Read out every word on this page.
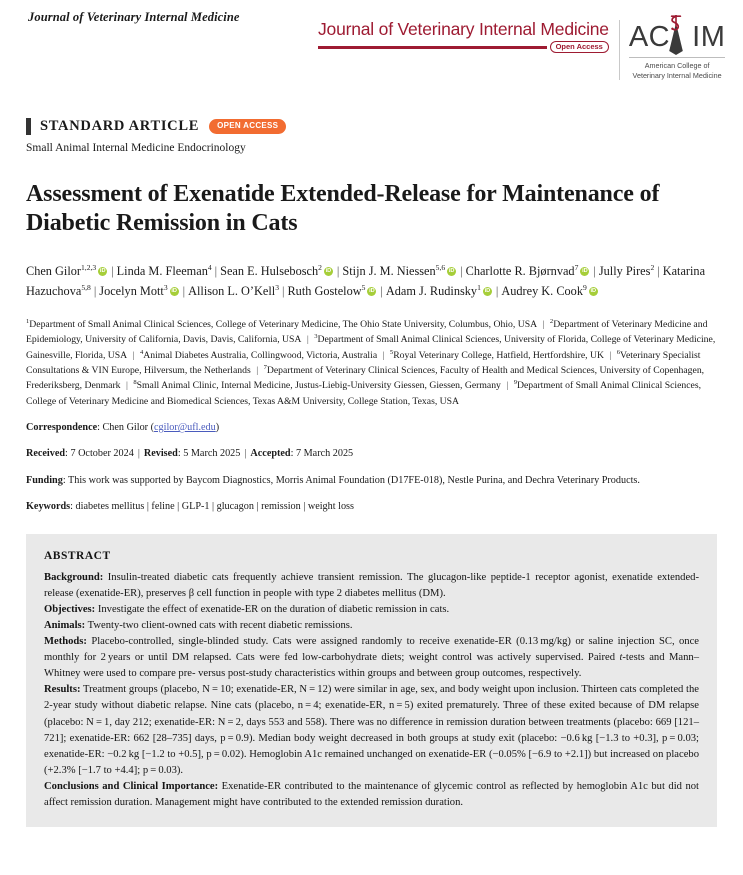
Journal of Veterinary Internal Medicine
Journal of Veterinary Internal Medicine
Open Access AC IM
American College of
Veterinary Internal Medicine
STANDARD ARTICLE	OPEN ACCESS
Small Animal Internal Medicine Endocrinology
Assessment of Exenatide Extended-Release for Maintenance of Diabetic Remission in Cats
Chen Gilor$^{1,2,3}$ iD | Linda M. Fleeman$^4$ | Sean E. Hulsebosch$^2$ iD | Stijn J. M. Niessen$^{5,6}$ iD | Charlotte R. Bjørnvad$^7$ iD | Jully Pires$^2$ | Katarina Hazuchova$^{5,8}$ | Jocelyn Mott$^3$ iD | Allison L. O’Kell$^3$ | Ruth Gostelow$^5$ iD | Adam J. Rudinsky$^1$ iD | Audrey K. Cook$^9$iD
$^1$Department of Small Animal Clinical Sciences, College of Veterinary Medicine, The Ohio State University, Columbus, Ohio, USA | $^2$Department of Veterinary Medicine and Epidemiology, University of California, Davis, Davis, California, USA | $^3$Department of Small Animal Clinical Sciences, University of Florida, College of Veterinary Medicine, Gainesville, Florida, USA | $^4$Animal Diabetes Australia, Collingwood, Victoria, Australia | $^5$Royal Veterinary College, Hatfield, Hertfordshire, UK | $^6$Veterinary Specialist Consultations & VIN Europe, Hilversum, the Netherlands | $^7$Department of Veterinary Clinical Sciences, Faculty of Health and Medical Sciences, University of Copenhagen, Frederiksberg, Denmark | $^8$Small Animal Clinic, Internal Medicine, Justus-Liebig-University Giessen, Giessen, Germany | $^9$Department of Small Animal Clinical Sciences, College of Veterinary Medicine and Biomedical Sciences, Texas A&M University, College Station, Texas, USA
Correspondence: Chen Gilor (cgilor@ufl.edu)
Received: 7 October 2024 | Revised: 5 March 2025 | Accepted: 7 March 2025
Funding: This work was supported by Baycom Diagnostics, Morris Animal Foundation (D17FE-018), Nestle Purina, and Dechra Veterinary Products.
Keywords: diabetes mellitus | feline | GLP-1 | glucagon | remission | weight loss
ABSTRACT

Background: Insulin-treated diabetic cats frequently achieve transient remission. The glucagon-like peptide-1 receptor agonist, exenatide extended-release (exenatide-ER), preserves β cell function in people with type 2 diabetes mellitus (DM).

Objectives: Investigate the effect of exenatide-ER on the duration of diabetic remission in cats.

Animals: Twenty-two client-owned cats with recent diabetic remissions.

Methods: Placebo-controlled, single-blinded study. Cats were assigned randomly to receive exenatide-ER (0.13 mg/kg) or saline injection SC, once monthly for 2 years or until DM relapsed. Cats were fed low-carbohydrate diets; weight control was actively supervised. Paired t-tests and Mann–Whitney were used to compare pre- versus post-study characteristics within groups and between group outcomes, respectively.

Results: Treatment groups (placebo, N = 10; exenatide-ER, N = 12) were similar in age, sex, and body weight upon inclusion. Thirteen cats completed the 2-year study without diabetic relapse. Nine cats (placebo, n = 4; exenatide-ER, n = 5) exited prematurely. Three of these exited because of DM relapse (placebo: N = 1, day 212; exenatide-ER: N = 2, days 553 and 558). There was no difference in remission duration between treatments (placebo: 669 [121–721]; exenatide-ER: 662 [28–735] days, p = 0.9). Median body weight decreased in both groups at study exit (placebo: −0.6 kg [−1.3 to +0.3], p = 0.03; exenatide-ER: −0.2 kg [−1.2 to +0.5], p = 0.02). Hemoglobin A1c remained unchanged on exenatide-ER (−0.05% [−6.9 to +2.1]) but increased on placebo (+2.3% [−1.7 to +4.4]; p = 0.03).

Conclusions and Clinical Importance: Exenatide-ER contributed to the maintenance of glycemic control as reflected by hemoglobin A1c but did not affect remission duration. Management might have contributed to the extended remission duration.
